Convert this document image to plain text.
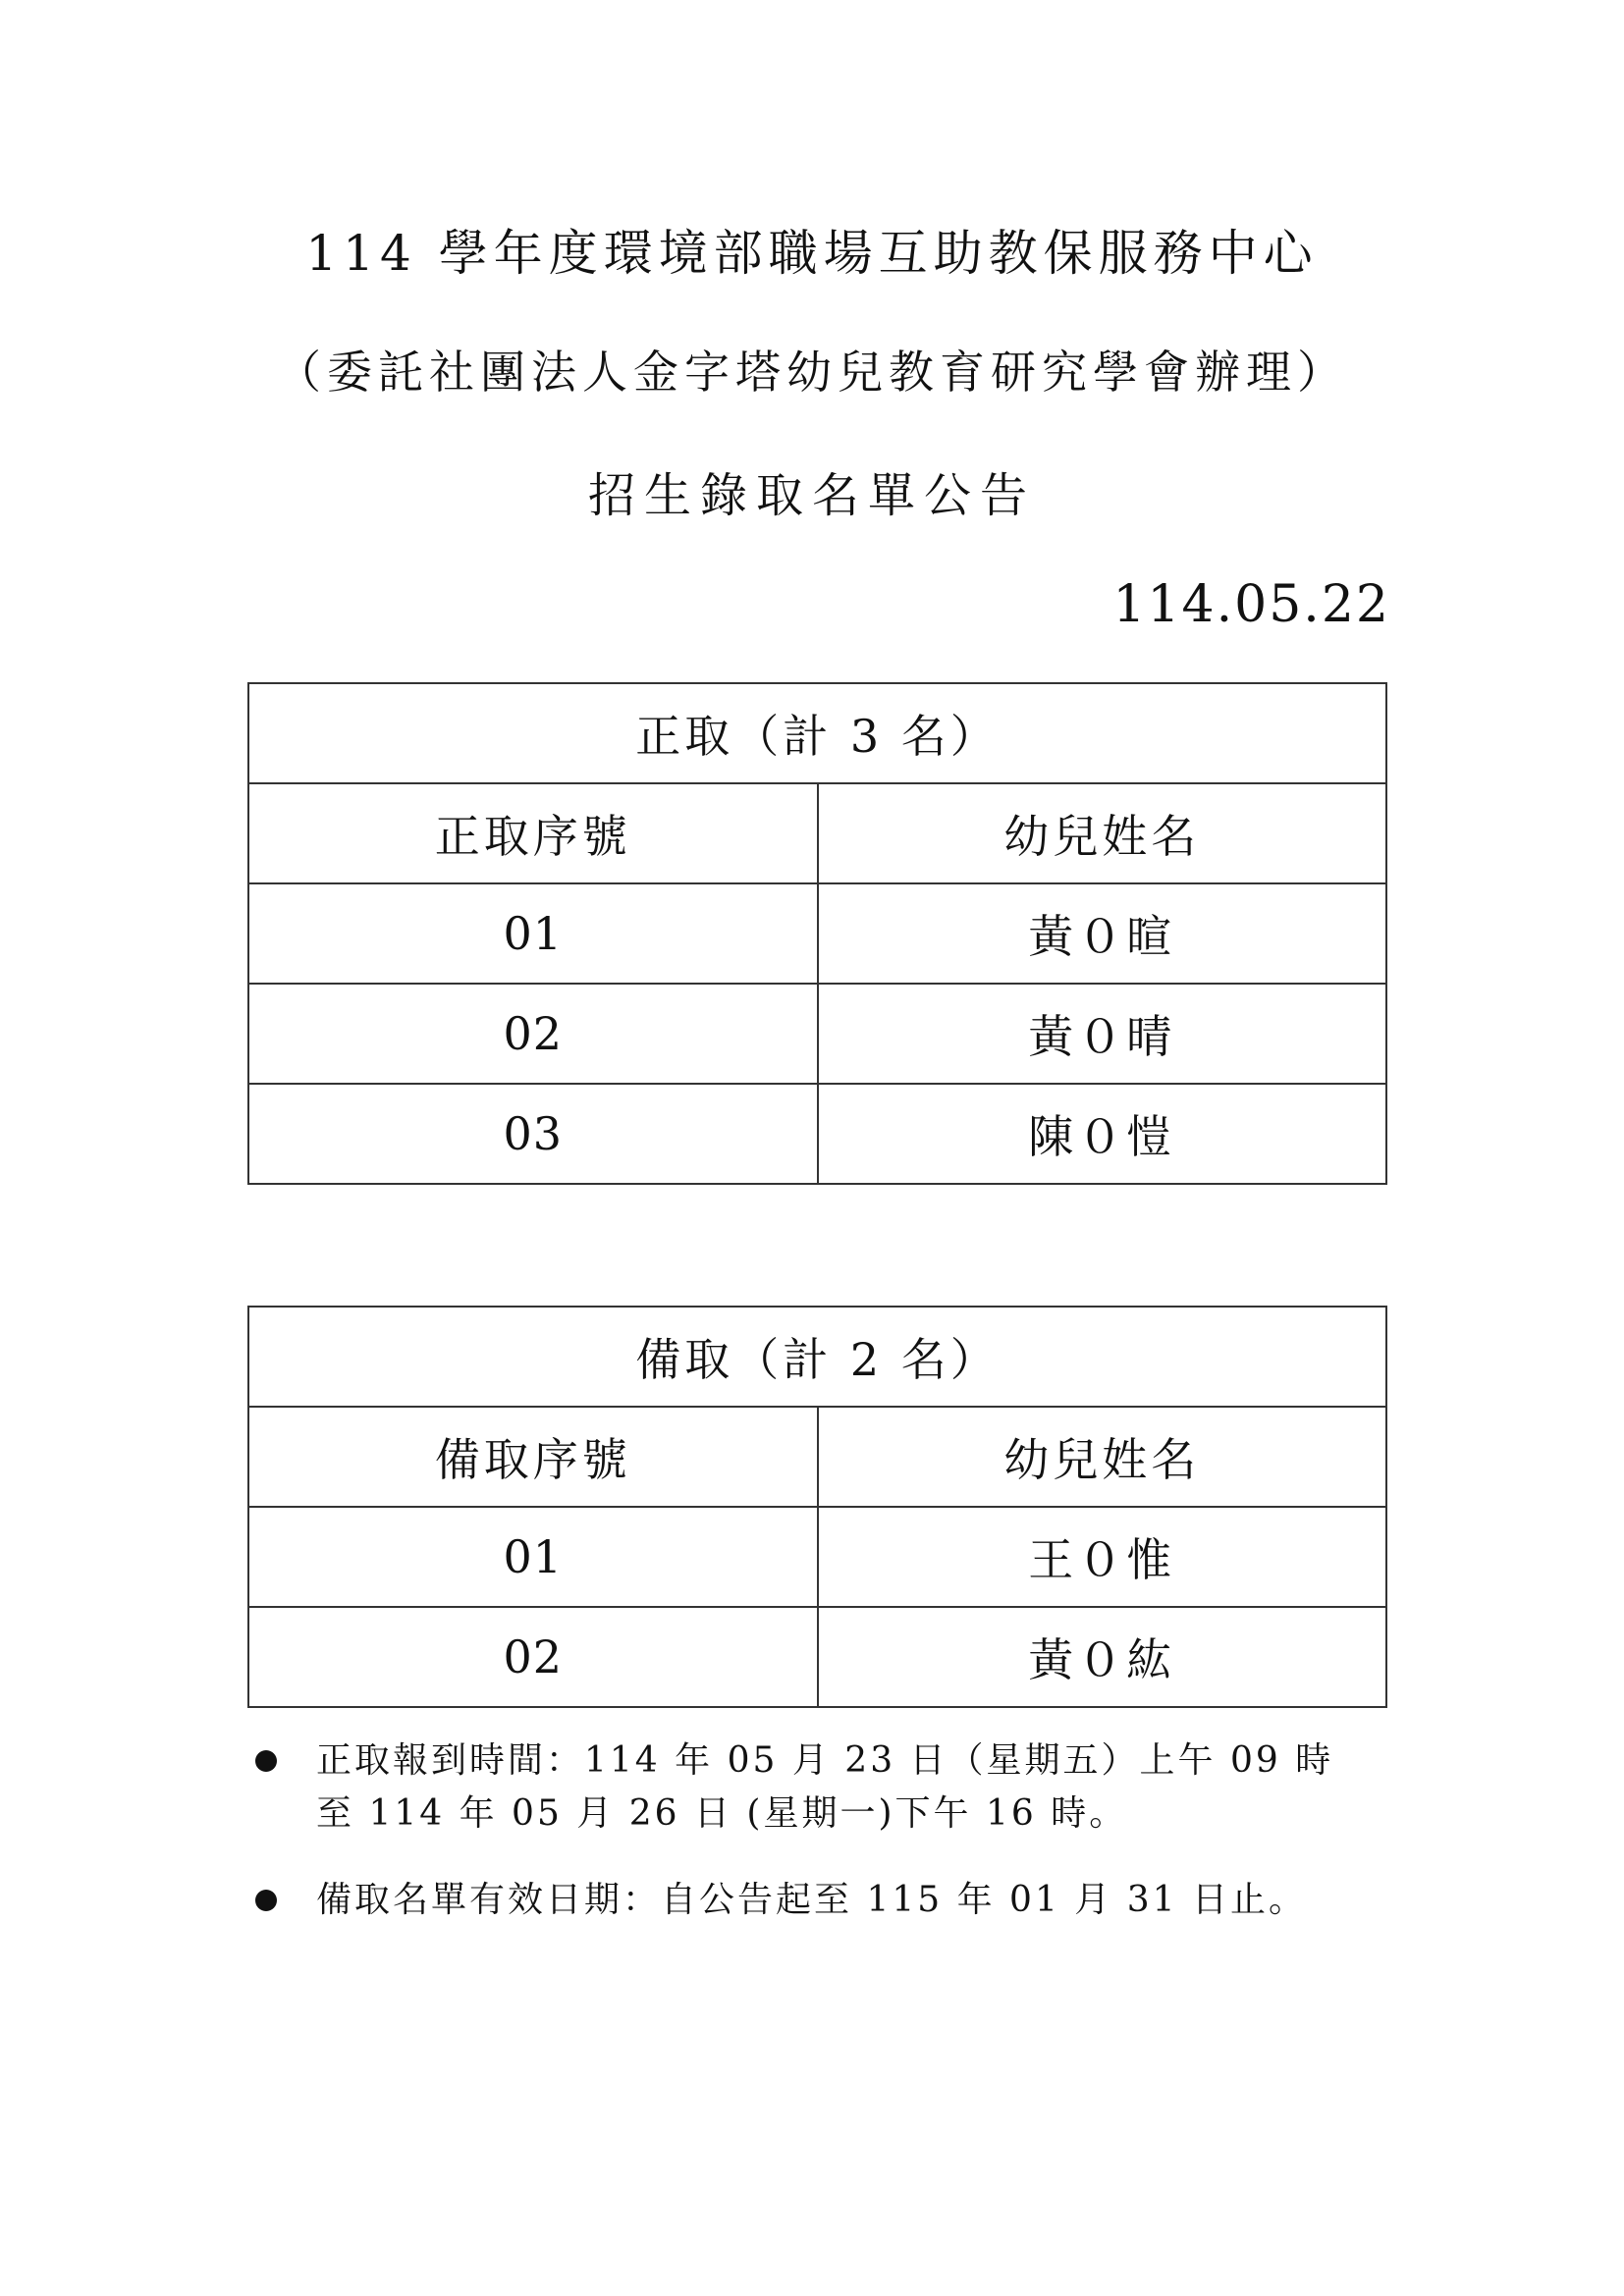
114 學年度環境部職場互助教保服務中心
（委託社團法人金字塔幼兒教育研究學會辦理）
招生錄取名單公告
114.05.22
正取（計 3 名）	
正取序號	幼兒姓名
01	黃０暄
02	黃０晴
03	陳０愷
備取（計 2 名）	
備取序號	幼兒姓名
01	王０惟
02	黃０紘
正取報到時間：114 年 05 月 23 日（星期五）上午 09 時
至 114 年 05 月 26 日 (星期一)下午 16 時。
備取名單有效日期：自公告起至 115 年 01 月 31 日止。
